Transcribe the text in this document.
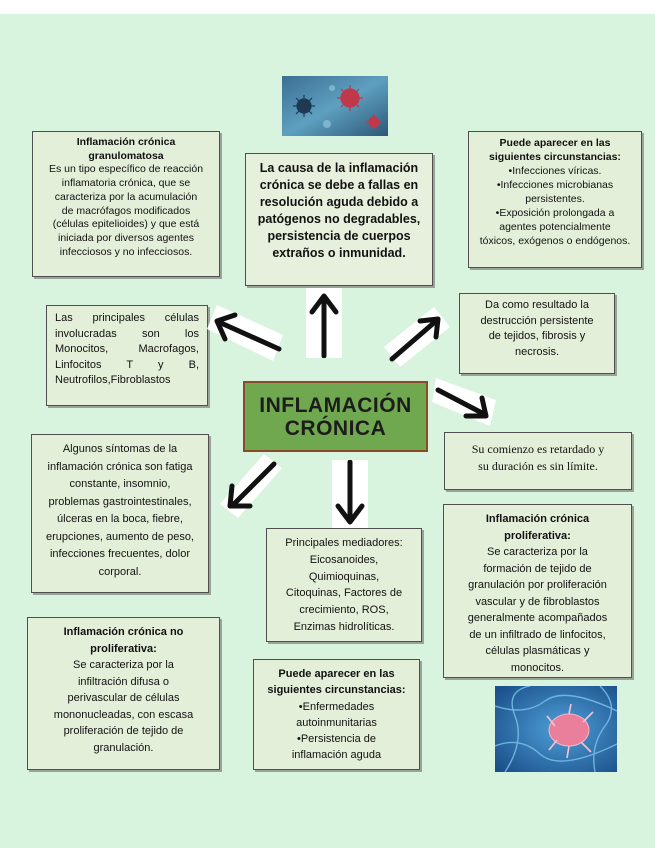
La causa de la inflamación
crónica se debe a fallas en
resolución aguda debido a
patógenos no degradables,
persistencia de cuerpos
extraños o inmunidad.
Inflamación crónica
granulomatosa
Es un tipo específico de reacción
inflamatoria crónica, que se
caracteriza por la acumulación
de macrófagos modificados
(células epitelioides) y que está
iniciada por diversos agentes
infecciosos y no infecciosos.
Puede aparecer en las
siguientes circunstancias:
•Infecciones víricas.
•Infecciones microbianas
persistentes.
•Exposición prolongada a
agentes potencialmente
tóxicos, exógenos o endógenos.
Las principales células
involucradas son los
Monocitos, Macrofagos,
Linfocitos T y B,
Neutrofilos,Fibroblastos
Da como resultado la
destrucción persistente
de tejidos, fibrosis y
necrosis.
INFLAMACIÓN
CRÓNICA
Su comienzo es retardado y
su duración es sin límite.
Algunos síntomas de la
inflamación crónica son fatiga
constante, insomnio,
problemas gastrointestinales,
úlceras en la boca, fiebre,
erupciones, aumento de peso,
infecciones frecuentes, dolor
corporal.
Principales mediadores:
Eicosanoides,
Quimioquinas,
Citoquinas, Factores de
crecimiento, ROS,
Enzimas hidrolíticas.
Inflamación crónica
proliferativa:
Se caracteriza por la
formación de tejido de
granulación por proliferación
vascular y de fibroblastos
generalmente acompañados
de un infiltrado de linfocitos,
células plasmáticas y
monocitos.
Inflamación crónica no
proliferativa:
Se caracteriza por la
infiltración difusa o
perivascular de células
mononucleadas, con escasa
proliferación de tejido de
granulación.
Puede aparecer en las
siguientes circunstancias:
•Enfermedades
autoinmunitarias
•Persistencia de
inflamación aguda
